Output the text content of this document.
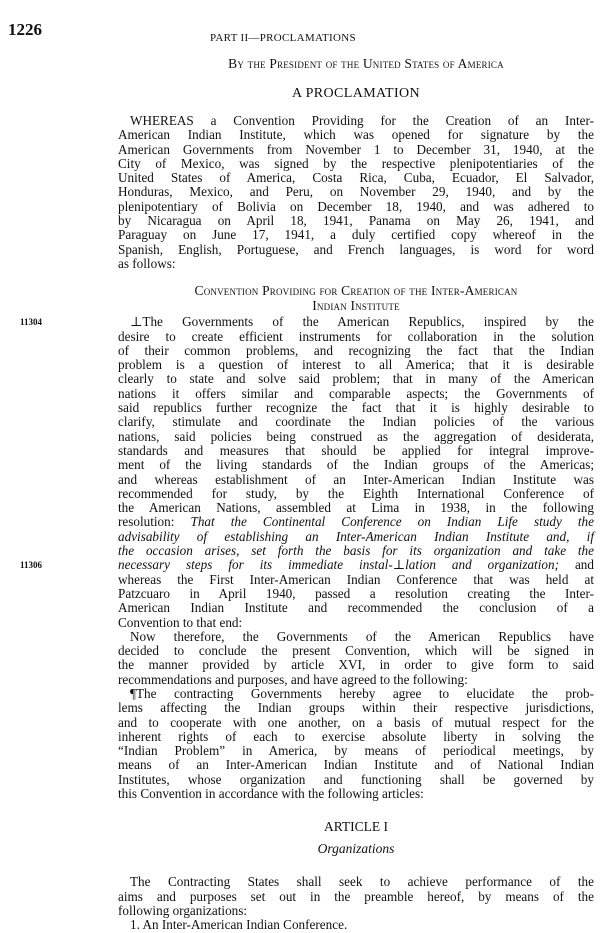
1226	PART II—PROCLAMATIONS
11304
11306
By the President of the United States of America
A PROCLAMATION
WHEREAS a Convention Providing for the Creation of an Inter-
American Indian Institute, which was opened for signature by the
American Governments from November 1 to December 31, 1940, at the
City of Mexico, was signed by the respective plenipotentiaries of the
United States of America, Costa Rica, Cuba, Ecuador, El Salvador,
Honduras, Mexico, and Peru, on November 29, 1940, and by the
plenipotentiary of Bolivia on December 18, 1940, and was adhered to
by Nicaragua on April 18, 1941, Panama on May 26, 1941, and
Paraguay on June 17, 1941, a duly certified copy whereof in the
Spanish, English, Portuguese, and French languages, is word for word
as follows:
Convention Providing for Creation of the Inter-American
Indian Institute
⊥The Governments of the American Republics, inspired by the
desire to create efficient instruments for collaboration in the solution
of their common problems, and recognizing the fact that the Indian
problem is a question of interest to all America; that it is desirable
clearly to state and solve said problem; that in many of the American
nations it offers similar and comparable aspects; the Governments of
said republics further recognize the fact that it is highly desirable to
clarify, stimulate and coordinate the Indian policies of the various
nations, said policies being construed as the aggregation of desiderata,
standards and measures that should be applied for integral improve-
ment of the living standards of the Indian groups of the Americas;
and whereas establishment of an Inter-American Indian Institute was
recommended for study, by the Eighth International Conference of
the American Nations, assembled at Lima in 1938, in the following
resolution: That the Continental Conference on Indian Life study the
advisability of establishing an Inter-American Indian Institute and, if
the occasion arises, set forth the basis for its organization and take the
necessary steps for its immediate instal-⊥lation and organization; and
whereas the First Inter-American Indian Conference that was held at
Patzcuaro in April 1940, passed a resolution creating the Inter-
American Indian Institute and recommended the conclusion of a
Convention to that end:
Now therefore, the Governments of the American Republics have
decided to conclude the present Convention, which will be signed in
the manner provided by article XVI, in order to give form to said
recommendations and purposes, and have agreed to the following:
¶The contracting Governments hereby agree to elucidate the prob-
lems affecting the Indian groups within their respective jurisdictions,
and to cooperate with one another, on a basis of mutual respect for the
inherent rights of each to exercise absolute liberty in solving the
“Indian Problem” in America, by means of periodical meetings, by
means of an Inter-American Indian Institute and of National Indian
Institutes, whose organization and functioning shall be governed by
this Convention in accordance with the following articles:
ARTICLE I
Organizations
The Contracting States shall seek to achieve performance of the
aims and purposes set out in the preamble hereof, by means of the
following organizations:
1. An Inter-American Indian Conference.
